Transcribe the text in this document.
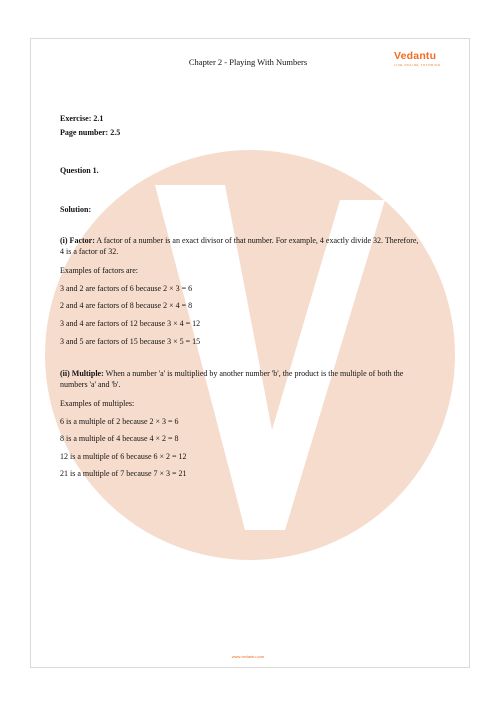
Chapter 2 - Playing With Numbers	Vedantu
LIVE ONLINE TUTORING
Exercise: 2.1
Page number: 2.5
Question 1.
Solution:
(i) Factor: A factor of a number is an exact divisor of that number. For example, 4 exactly divide 32. Therefore, 4 is a factor of 32.
Examples of factors are:
3 and 2 are factors of 6 because 2 × 3 = 6
2 and 4 are factors of 8 because 2 × 4 = 8
3 and 4 are factors of 12 because 3 × 4 = 12
3 and 5 are factors of 15 because 3 × 5 = 15
(ii) Multiple: When a number 'a' is multiplied by another number 'b', the product is the multiple of both the numbers 'a' and 'b'.
Examples of multiples:
6 is a multiple of 2 because 2 × 3 = 6
8 is a multiple of 4 because 4 × 2 = 8
12 is a multiple of 6 because 6 × 2 = 12
21 is a multiple of 7 because 7 × 3 = 21
www.vedantu.com
